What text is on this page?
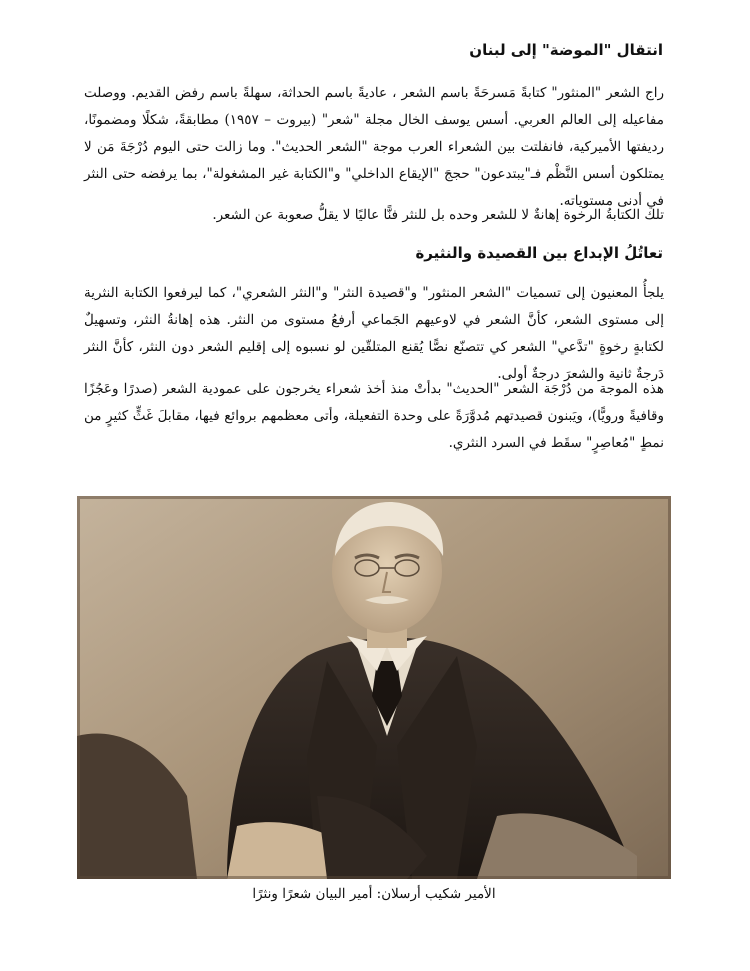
انتقال "الموضة" إلى لبنان

راج الشعر "المنثور" كتابةً مَسرحَةً باسم الشعر ، عاديةً باسم الحداثة، سهلةً باسم رفض القديم. ووصلت مفاعيله إلى العالم العربي. أسس يوسف الخال مجلة "شعر" (بيروت – ١٩٥٧) مطابقةً، شكلًا ومضمونًا، رديفتها الأميركية، فانفلتت بين الشعراء العرب موجة "الشعر الحديث". وما زالت حتى اليوم دُرْجَةَ مَن لا يمتلكون أسس النَّظْم فـ"يبتدعون" حججَ "الإيقاع الداخلي" و"الكتابة غير المشغولة"، بما يرفضه حتى النثر في أدنى مستوياته.

تلك الكتابةُ الرخوة إهانةٌ لا للشعر وحده بل للنثر فنًّا عاليًا لا يقلُّ صعوبة عن الشعر.

تعاتُلُ الإبداع بين القصيدة والنثيرة

يلجأُ المعنيون إلى تسميات "الشعر المنثور" و"قصيدة النثر" و"النثر الشعري"، كما ليرفعوا الكتابة النثرية إلى مستوى الشعر، كأنَّ الشعر في لاوعيهم الجَماعي أرفعُ مستوى من النثر. هذه إهانةُ النثر، وتسهيلٌ لكتابةٍ رخوةٍ "تدَّعي" الشعر كي تتصنّع نصًّا يُقنع المتلقّين لو نسبوه إلى إقليم الشعر دون النثر، كأنَّ النثر دَرجةٌ ثانية والشعرَ درجةٌ أولى.

هذه الموجة من دُرْجَة الشعر "الحديث" بدأتْ منذ أخذ شعراء يخرجون على عمودية الشعر (صدرًا وعَجُزًا وقافيةً ورويًّا)، ويَبنون قصيدتهم مُدوَّرَةً على وحدة التفعيلة، وأتى معظمهم بروائع فيها، مقابلَ غَثٍّ كثيرٍ من نمطٍ "مُعاصِرٍ" سقَط في السرد النثري.

الأمير شكيب أرسلان: أمير البيان شعرًا ونثرًا
